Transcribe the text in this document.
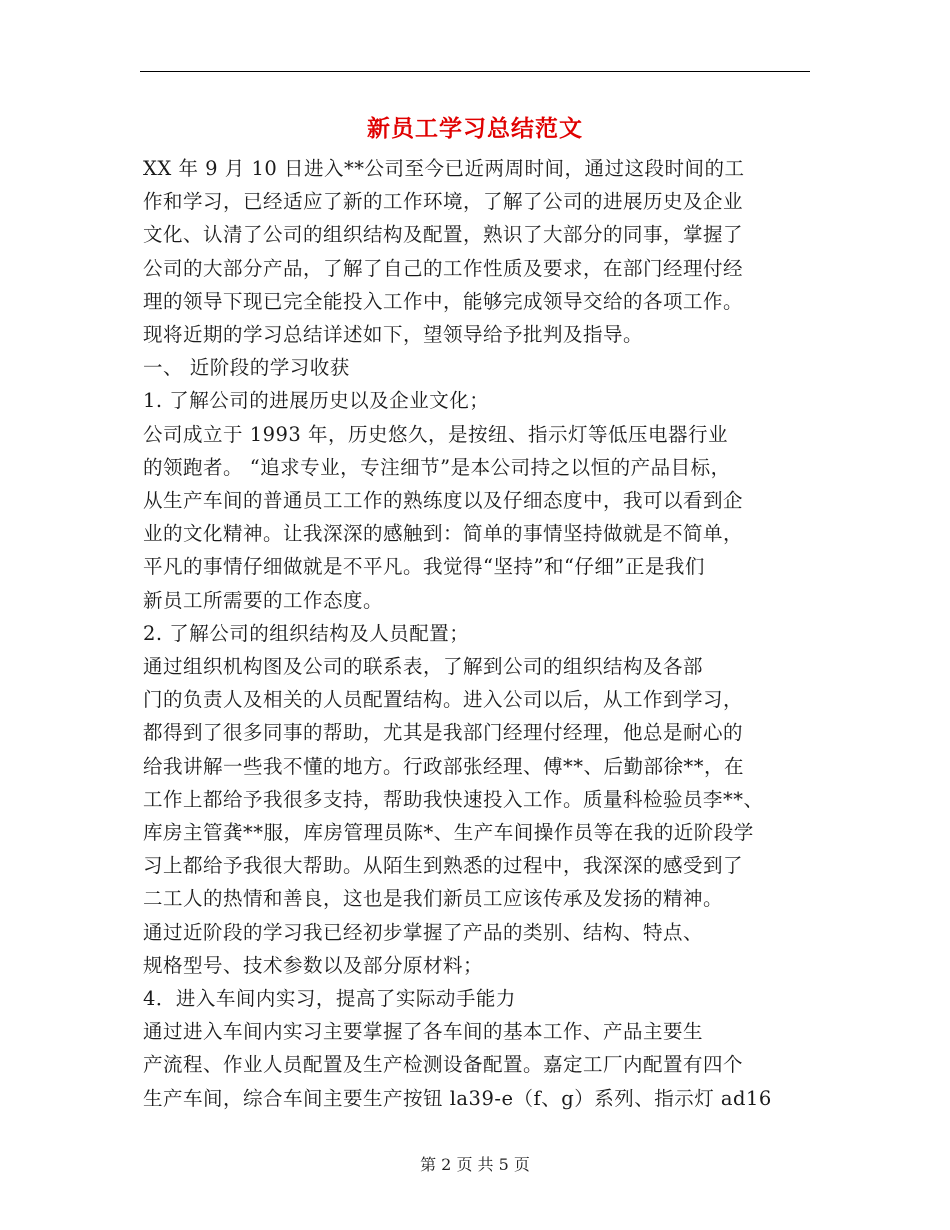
新员工学习总结范文
XX 年 9 月 10 日进入**公司至今已近两周时间，通过这段时间的工
作和学习，已经适应了新的工作环境，了解了公司的进展历史及企业
文化、认清了公司的组织结构及配置，熟识了大部分的同事，掌握了
公司的大部分产品，了解了自己的工作性质及要求，在部门经理付经
理的领导下现已完全能投入工作中，能够完成领导交给的各项工作。
现将近期的学习总结详述如下，望领导给予批判及指导。
一、 近阶段的学习收获
1. 了解公司的进展历史以及企业文化；
公司成立于 1993 年，历史悠久，是按纽、指示灯等低压电器行业
的领跑者。 “追求专业，专注细节”是本公司持之以恒的产品目标，
从生产车间的普通员工工作的熟练度以及仔细态度中，我可以看到企
业的文化精神。让我深深的感触到：简单的事情坚持做就是不简单，
平凡的事情仔细做就是不平凡。我觉得“坚持”和“仔细”正是我们
新员工所需要的工作态度。
2. 了解公司的组织结构及人员配置；
通过组织机构图及公司的联系表，了解到公司的组织结构及各部
门的负责人及相关的人员配置结构。进入公司以后，从工作到学习，
都得到了很多同事的帮助，尤其是我部门经理付经理，他总是耐心的
给我讲解一些我不懂的地方。行政部张经理、傅**、后勤部徐**，在
工作上都给予我很多支持，帮助我快速投入工作。质量科检验员李**、
库房主管龚**服，库房管理员陈*、生产车间操作员等在我的近阶段学
习上都给予我很大帮助。从陌生到熟悉的过程中，我深深的感受到了
二工人的热情和善良，这也是我们新员工应该传承及发扬的精神。
通过近阶段的学习我已经初步掌握了产品的类别、结构、特点、
规格型号、技术参数以及部分原材料；
4．进入车间内实习，提高了实际动手能力
通过进入车间内实习主要掌握了各车间的基本工作、产品主要生
产流程、作业人员配置及生产检测设备配置。嘉定工厂内配置有四个
生产车间，综合车间主要生产按钮 la39-e（f、g）系列、指示灯 ad16
第 2 页 共 5 页
